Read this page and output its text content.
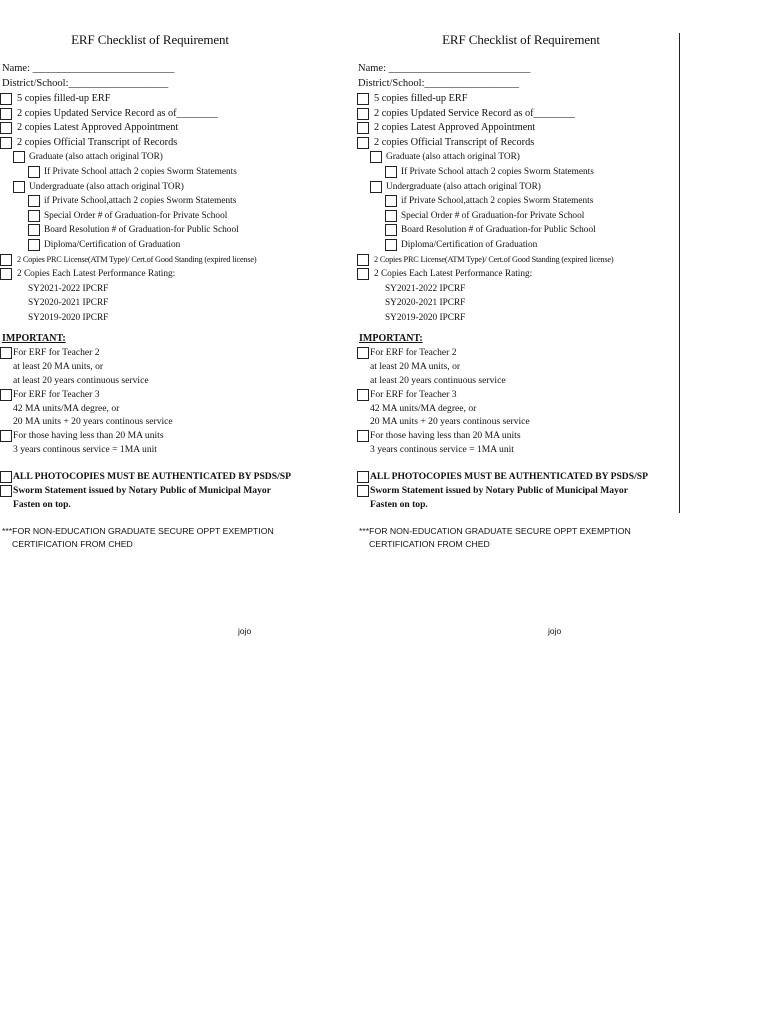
ERF Checklist of Requirement
Name: ___________________________
District/School:___________________
5 copies filled-up ERF
2 copies Updated Service Record as of________
2 copies Latest Approved Appointment
2 copies Official Transcript of Records
Graduate (also attach original TOR)
If Private School attach 2 copies Sworm Statements
Undergraduate (also attach original TOR)
if Private School,attach 2 copies Sworm Statements
Special Order # of Graduation-for Private School
Board Resolution # of Graduation-for Public School
Diploma/Certification of Graduation
2 Copies PRC License(ATM Type)/ Cert.of Good Standing (expired license)
2 Copies Each Latest Performance Rating:
SY2021-2022 IPCRF
SY2020-2021 IPCRF
SY2019-2020 IPCRF
IMPORTANT:
For ERF for Teacher 2
at least 20 MA units, or
at least 20 years continuous service
For ERF for Teacher 3
42 MA units/MA degree, or
20 MA units + 20 years continous service
For those having less than 20 MA units
3 years continous service = 1MA unit
ALL PHOTOCOPIES MUST BE AUTHENTICATED BY PSDS/SP
Sworm Statement issued by Notary Public of Municipal Mayor
Fasten on top.
***FOR NON-EDUCATION GRADUATE SECURE OPPT EXEMPTION
CERTIFICATION FROM CHED
jojo
ERF Checklist of Requirement
Name: ___________________________
District/School:__________________
5 copies filled-up ERF
2 copies Updated Service Record as of________
2 copies Latest Approved Appointment
2 copies Official Transcript of Records
Graduate (also attach original TOR)
If Private School attach 2 copies Sworm Statements
Undergraduate (also attach original TOR)
if Private School,attach 2 copies Sworm Statements
Special Order # of Graduation-for Private School
Board Resolution # of Graduation-for Public School
Diploma/Certification of Graduation
2 Copies PRC License(ATM Type)/ Cert.of Good Standing (expired license)
2 Copies Each Latest Performance Rating:
SY2021-2022 IPCRF
SY2020-2021 IPCRF
SY2019-2020 IPCRF
IMPORTANT:
For ERF for Teacher 2
at least 20 MA units, or
at least 20 years continuous service
For ERF for Teacher 3
42 MA units/MA degree, or
20 MA units + 20 years continous service
For those having less than 20 MA units
3 years continous service = 1MA unit
ALL PHOTOCOPIES MUST BE AUTHENTICATED BY PSDS/SP
Sworm Statement issued by Notary Public of Municipal Mayor
Fasten on top.
***FOR NON-EDUCATION GRADUATE SECURE OPPT EXEMPTION
CERTIFICATION FROM CHED
jojo
